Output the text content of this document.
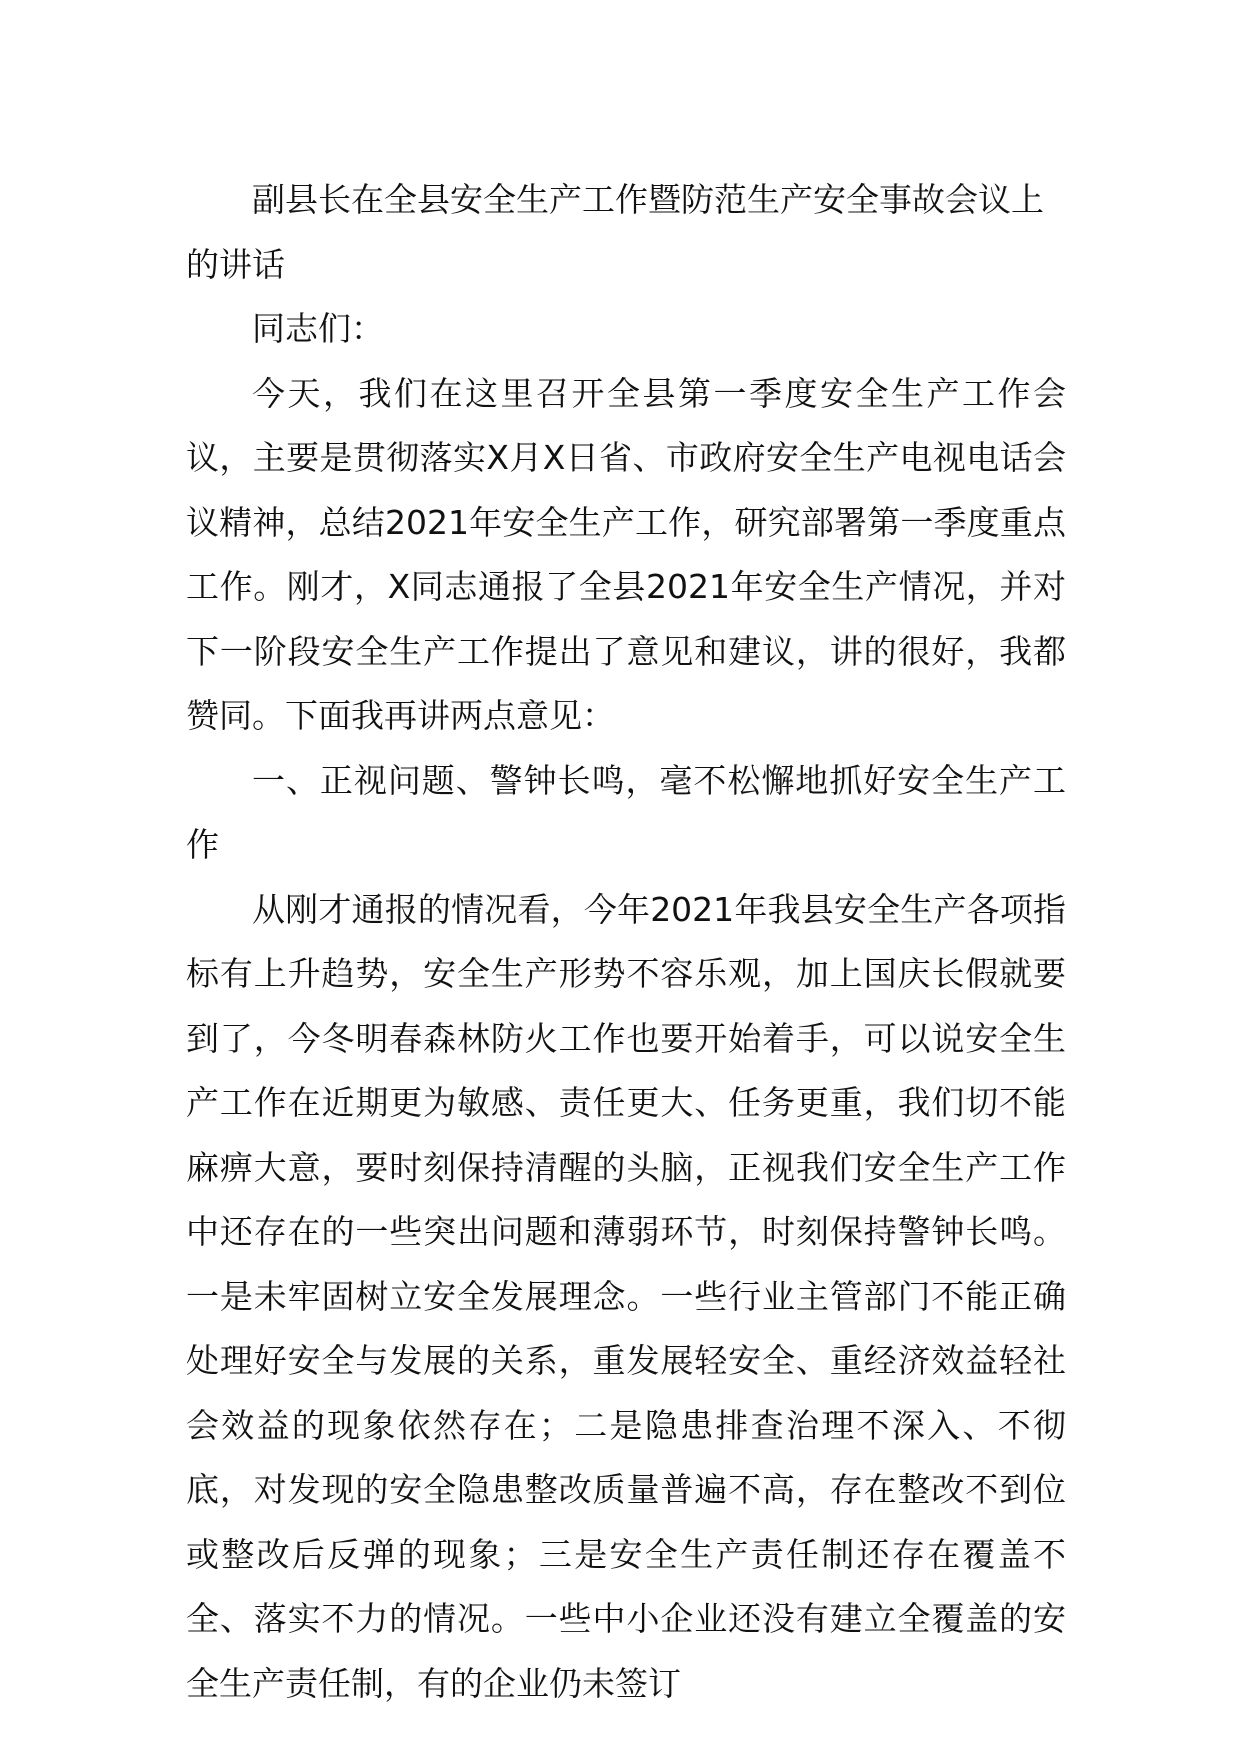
副县长在全县安全生产工作暨防范生产安全事故会议上的讲话

同志们：

今天，我们在这里召开全县第一季度安全生产工作会议，主要是贯彻落实X月X日省、市政府安全生产电视电话会议精神，总结2021年安全生产工作，研究部署第一季度重点工作。刚才，X同志通报了全县2021年安全生产情况，并对下一阶段安全生产工作提出了意见和建议，讲的很好，我都赞同。下面我再讲两点意见：

一、正视问题、警钟长鸣，毫不松懈地抓好安全生产工作

从刚才通报的情况看，今年2021年我县安全生产各项指标有上升趋势，安全生产形势不容乐观，加上国庆长假就要到了，今冬明春森林防火工作也要开始着手，可以说安全生产工作在近期更为敏感、责任更大、任务更重，我们切不能麻痹大意，要时刻保持清醒的头脑，正视我们安全生产工作中还存在的一些突出问题和薄弱环节，时刻保持警钟长鸣。一是未牢固树立安全发展理念。一些行业主管部门不能正确处理好安全与发展的关系，重发展轻安全、重经济效益轻社会效益的现象依然存在；二是隐患排查治理不深入、不彻底，对发现的安全隐患整改质量普遍不高，存在整改不到位或整改后反弹的现象；三是安全生产责任制还存在覆盖不全、落实不力的情况。一些中小企业还没有建立全覆盖的安全生产责任制，有的企业仍未签订
